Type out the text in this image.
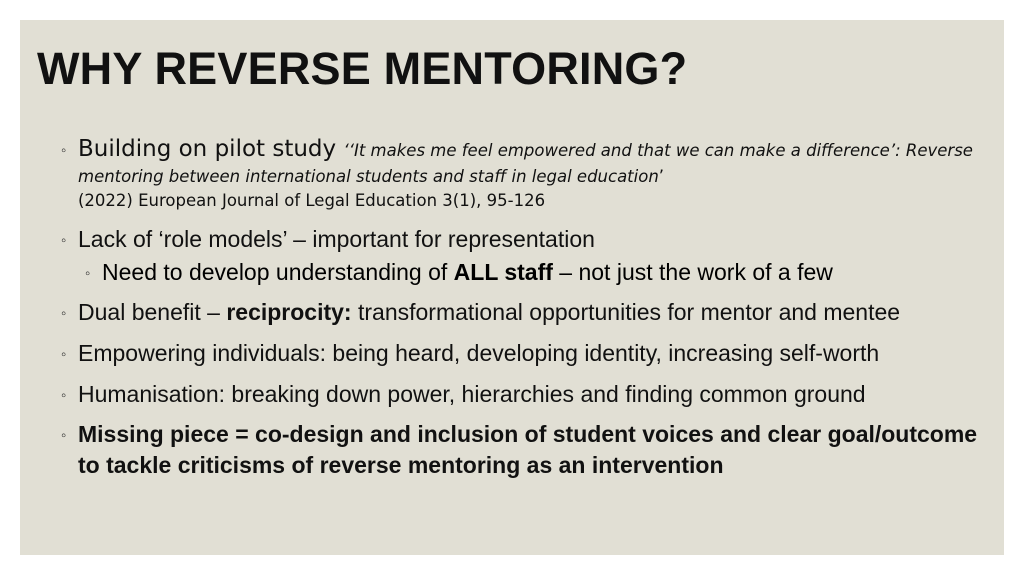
WHY REVERSE MENTORING?
◦ Building on pilot study ‘‘It makes me feel empowered and that we can make a difference’: Reverse mentoring between international students and staff in legal education’
(2022) European Journal of Legal Education 3(1), 95-126
◦ Lack of ‘role models’ – important for representation
◦ Need to develop understanding of ALL staff – not just the work of a few
◦ Dual benefit – reciprocity: transformational opportunities for mentor and mentee
◦ Empowering individuals: being heard, developing identity, increasing self-worth
◦ Humanisation: breaking down power, hierarchies and finding common ground
◦ Missing piece = co-design and inclusion of student voices and clear goal/outcome to tackle criticisms of reverse mentoring as an intervention
